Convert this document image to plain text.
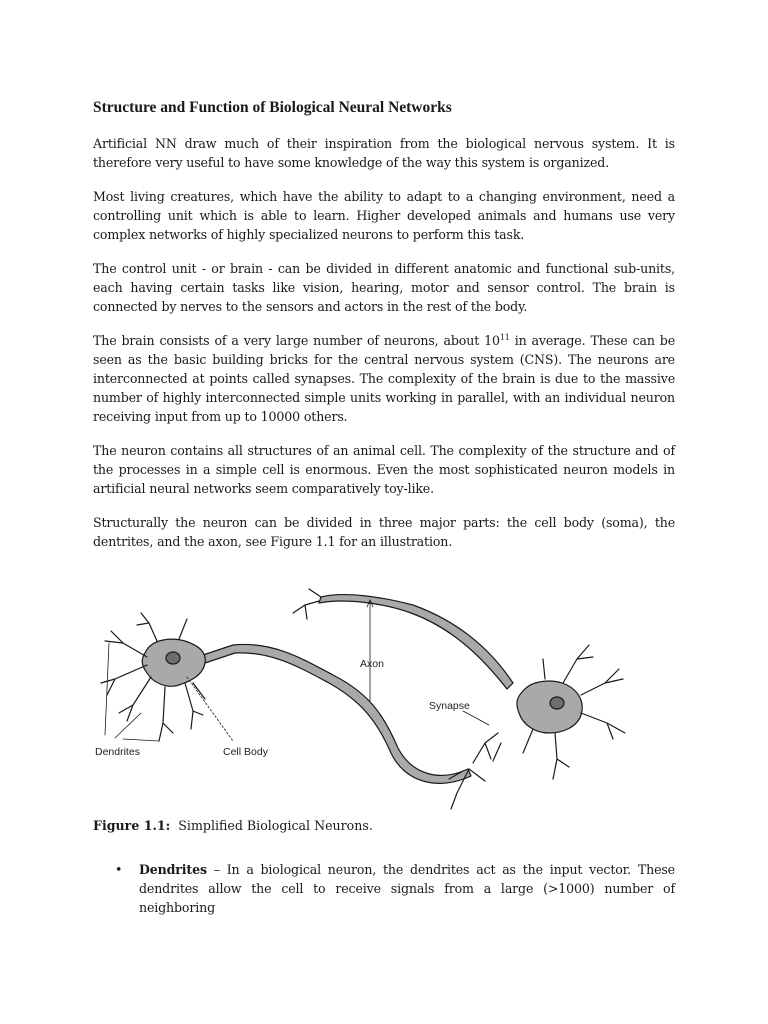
Structure and Function of Biological Neural Networks

Artificial NN draw much of their inspiration from the biological nervous system. It is therefore very useful to have some knowledge of the way this system is organized.

Most living creatures, which have the ability to adapt to a changing environment, need a controlling unit which is able to learn. Higher developed animals and humans use very complex networks of highly specialized neurons to perform this task.

The control unit - or brain - can be divided in different anatomic and functional sub-units, each having certain tasks like vision, hearing, motor and sensor control. The brain is connected by nerves to the sensors and actors in the rest of the body.

The brain consists of a very large number of neurons, about $10^{11}$ in average. These can be seen as the basic building bricks for the central nervous system (CNS). The neurons are interconnected at points called synapses. The complexity of the brain is due to the massive number of highly interconnected simple units working in parallel, with an individual neuron receiving input from up to 10000 others.

The neuron contains all structures of an animal cell. The complexity of the structure and of the processes in a simple cell is enormous. Even the most sophisticated neuron models in artificial neural networks seem comparatively toy-like.

Structurally the neuron can be divided in three major parts: the cell body (soma), the dentrites, and the axon, see Figure 1.1 for an illustration.

Axon
Synapse
Dendrites	Cell Body
Figure 1.1:  Simplified Biological Neurons.
• Dendrites – In a biological neuron, the dendrites act as the input vector. These dendrites allow the cell to receive signals from a large (>1000) number of neighboring
